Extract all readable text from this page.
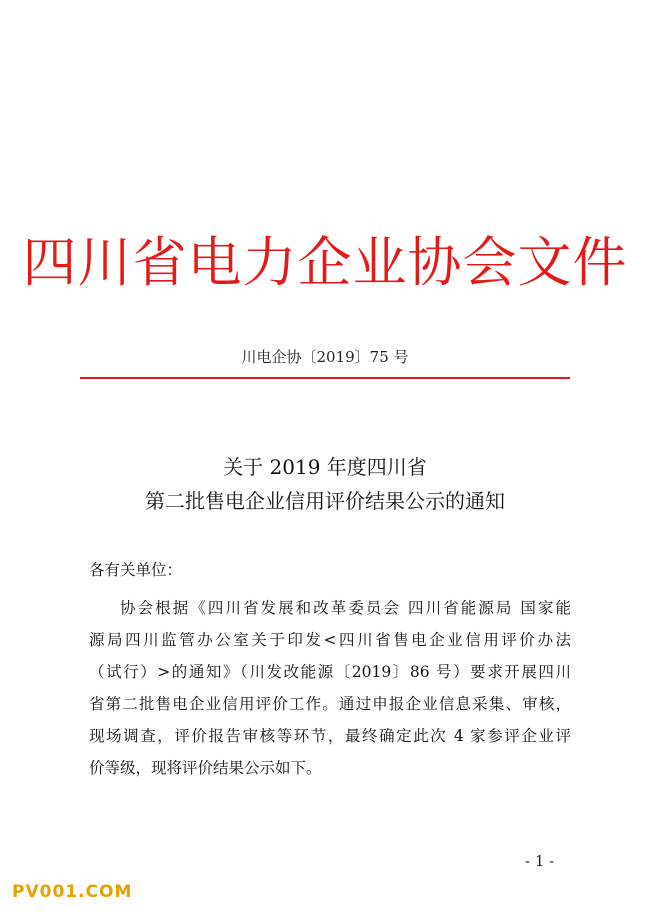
四川省电力企业协会文件
川电企协〔2019〕75 号
关于 2019 年度四川省
第二批售电企业信用评价结果公示的通知
各有关单位：
协会根据《四川省发展和改革委员会 四川省能源局 国家能
源局四川监管办公室关于印发<四川省售电企业信用评价办法
（试行）>的通知》（川发改能源〔2019〕86 号）要求开展四川
省第二批售电企业信用评价工作。通过申报企业信息采集、审核，
现场调查，评价报告审核等环节，最终确定此次 4 家参评企业评
价等级，现将评价结果公示如下。
- 1 -
PV001.COM
